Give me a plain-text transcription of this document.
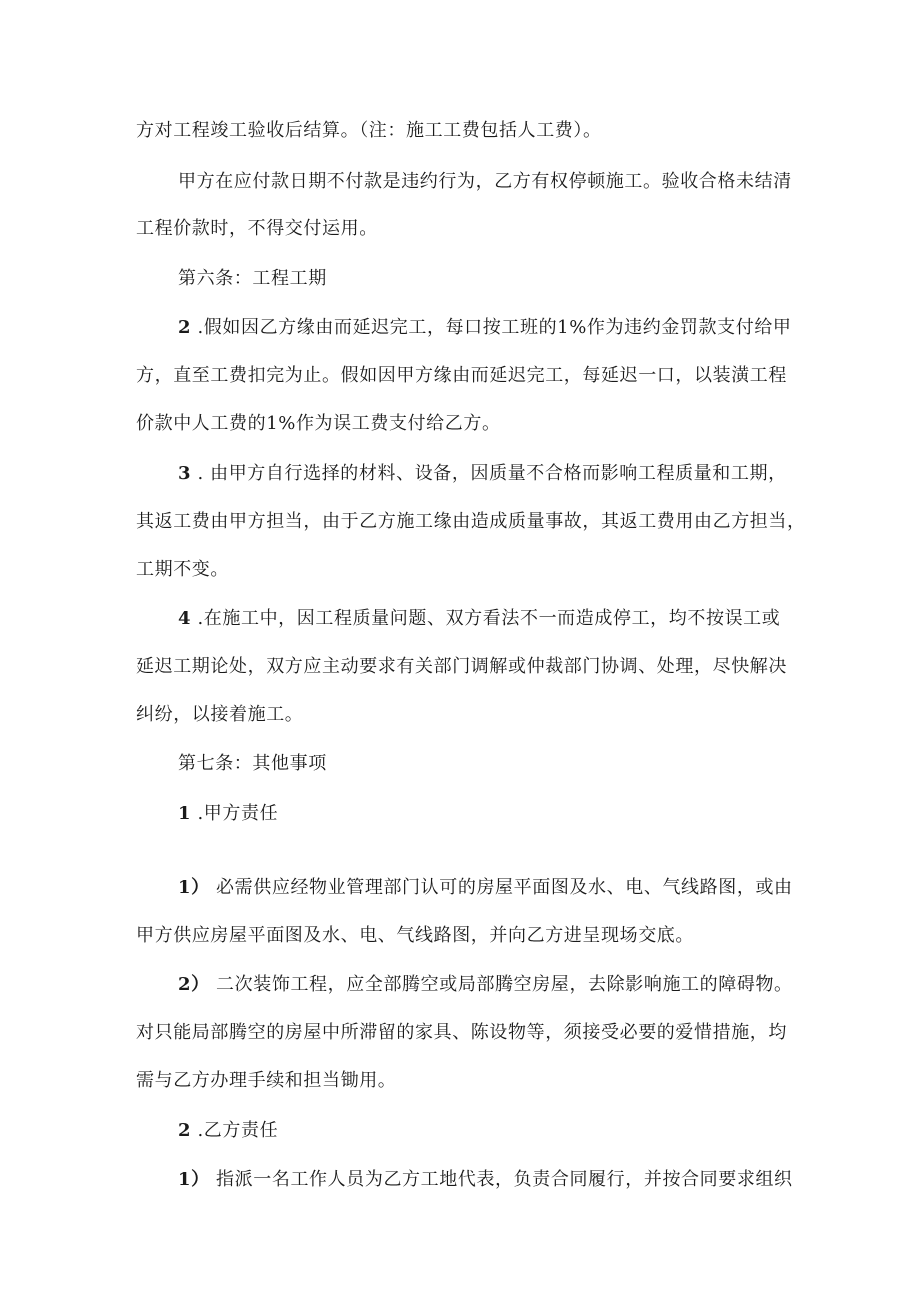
方对工程竣工验收后结算。（注：施工工费包括人工费）。
甲方在应付款日期不付款是违约行为，乙方有权停顿施工。验收合格未结清
工程价款时，不得交付运用。
第六条：工程工期
2 .假如因乙方缘由而延迟完工，每口按工班的1%作为违约金罚款支付给甲
方，直至工费扣完为止。假如因甲方缘由而延迟完工，每延迟一口，以装潢工程
价款中人工费的1%作为误工费支付给乙方。
3 . 由甲方自行选择的材料、设备，因质量不合格而影响工程质量和工期，
其返工费由甲方担当，由于乙方施工缘由造成质量事故，其返工费用由乙方担当，
工期不变。
4 .在施工中，因工程质量问题、双方看法不一而造成停工，均不按误工或
延迟工期论处，双方应主动要求有关部门调解或仲裁部门协调、处理，尽快解决
纠纷，以接着施工。
第七条：其他事项
1 .甲方责任
1） 必需供应经物业管理部门认可的房屋平面图及水、电、气线路图，或由
甲方供应房屋平面图及水、电、气线路图，并向乙方进呈现场交底。
2） 二次装饰工程，应全部腾空或局部腾空房屋，去除影响施工的障碍物。
对只能局部腾空的房屋中所滞留的家具、陈设物等，须接受必要的爱惜措施，均
需与乙方办理手续和担当锄用。
2 .乙方责任
1） 指派一名工作人员为乙方工地代表，负责合同履行，并按合同要求组织
